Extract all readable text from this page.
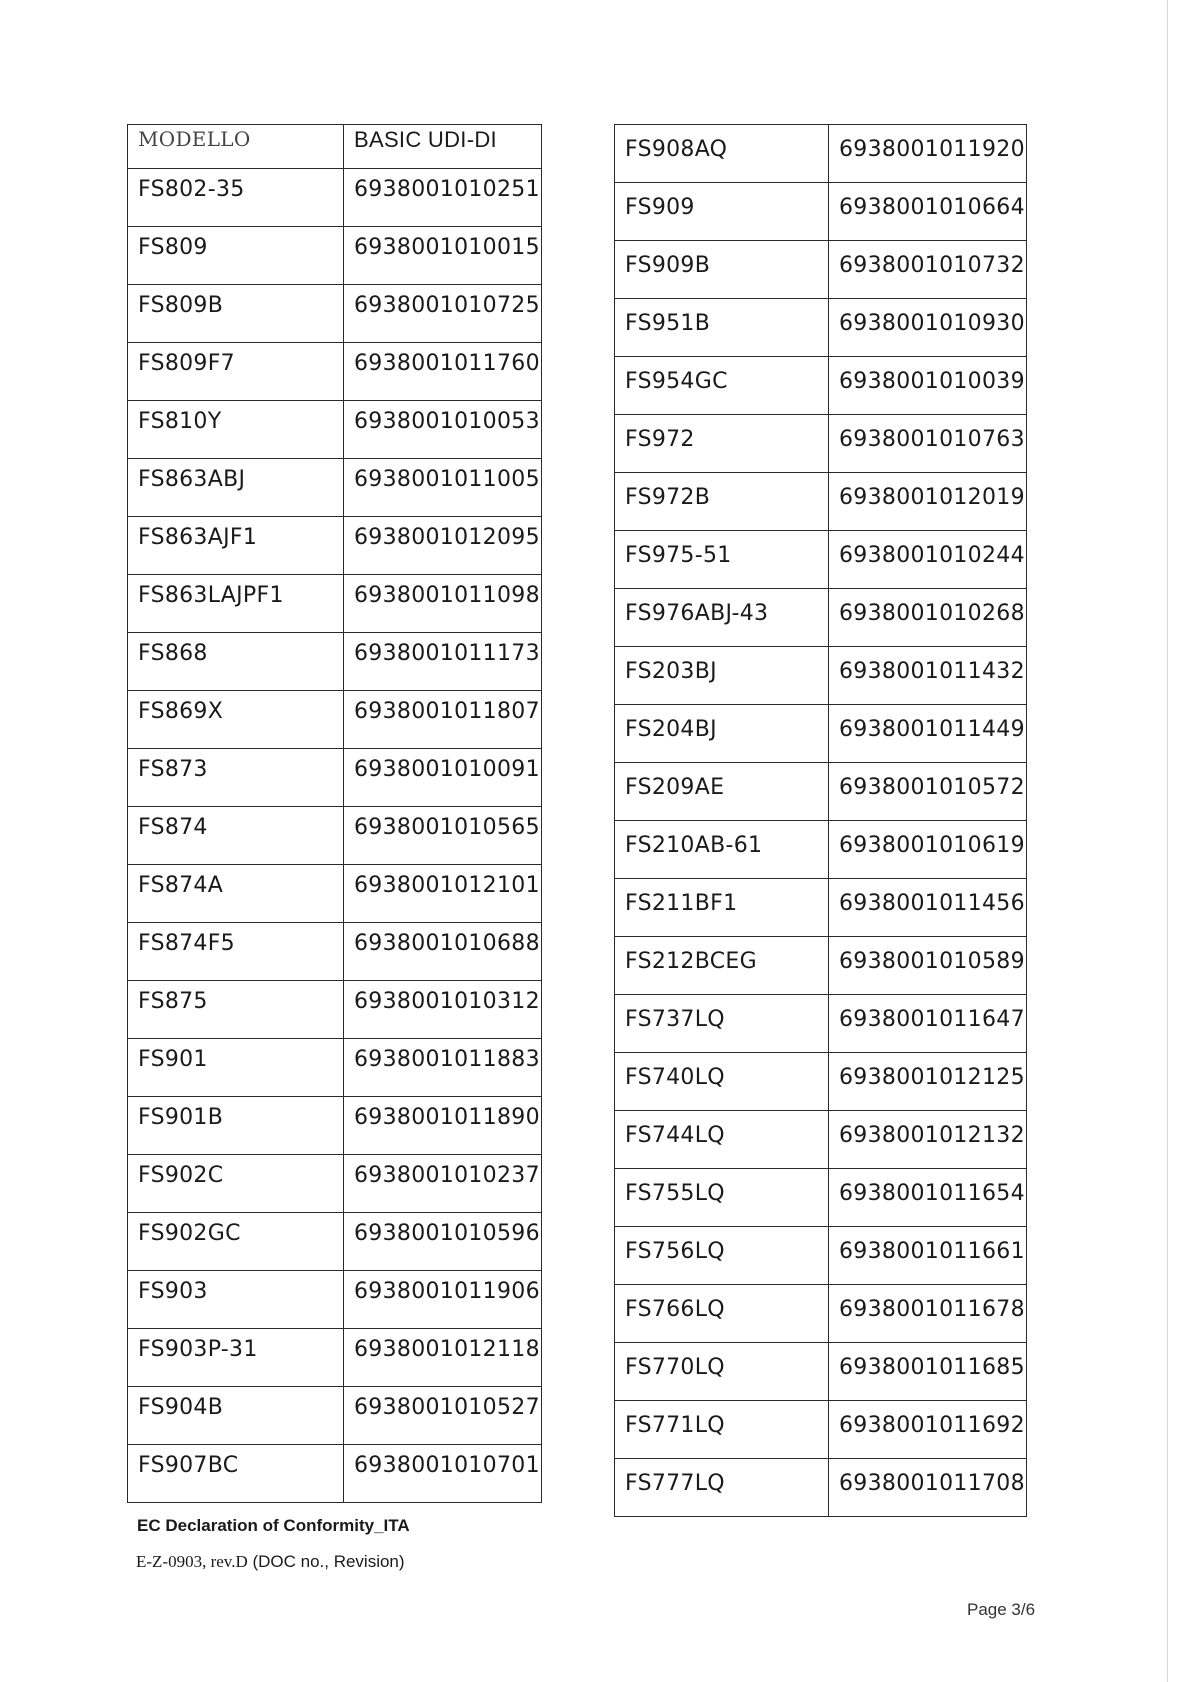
MODELLO	BASIC UDI-DI
FS802-35	6938001010251
FS809	6938001010015
FS809B	6938001010725
FS809F7	6938001011760
FS810Y	6938001010053
FS863ABJ	6938001011005
FS863AJF1	6938001012095
FS863LAJPF1	6938001011098
FS868	6938001011173
FS869X	6938001011807
FS873	6938001010091
FS874	6938001010565
FS874A	6938001012101
FS874F5	6938001010688
FS875	6938001010312
FS901	6938001011883
FS901B	6938001011890
FS902C	6938001010237
FS902GC	6938001010596
FS903	6938001011906
FS903P-31	6938001012118
FS904B	6938001010527
FS907BC	6938001010701
FS908AQ	6938001011920
FS909	6938001010664
FS909B	6938001010732
FS951B	6938001010930
FS954GC	6938001010039
FS972	6938001010763
FS972B	6938001012019
FS975-51	6938001010244
FS976ABJ-43	6938001010268
FS203BJ	6938001011432
FS204BJ	6938001011449
FS209AE	6938001010572
FS210AB-61	6938001010619
FS211BF1	6938001011456
FS212BCEG	6938001010589
FS737LQ	6938001011647
FS740LQ	6938001012125
FS744LQ	6938001012132
FS755LQ	6938001011654
FS756LQ	6938001011661
FS766LQ	6938001011678
FS770LQ	6938001011685
FS771LQ	6938001011692
FS777LQ	6938001011708
EC Declaration of Conformity_ITA
E-Z-0903, rev.D (DOC no., Revision)
Page 3/6
